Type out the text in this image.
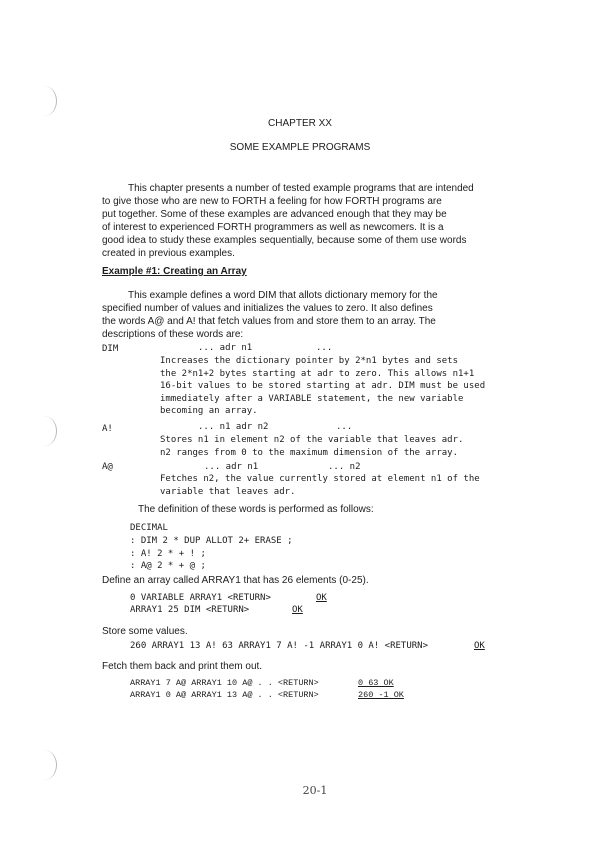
CHAPTER XX
SOME EXAMPLE PROGRAMS
This chapter presents a number of tested example programs that are intended
to give those who are new to FORTH a feeling for how FORTH programs are
put together. Some of these examples are advanced enough that they may be
of interest to experienced FORTH programmers as well as newcomers. It is a
good idea to study these examples sequentially, because some of them use words
created in previous examples.
Example #1: Creating an Array
This example defines a word DIM that allots dictionary memory for the
specified number of values and initializes the values to zero. It also defines
the words A@ and A! that fetch values from and store them to an array. The
descriptions of these words are:
DIM	... adr n1	...
Increases the dictionary pointer by 2*n1 bytes and sets
the 2*n1+2 bytes starting at adr to zero. This allows n1+1
16-bit values to be stored starting at adr. DIM must be used
immediately after a VARIABLE statement, the new variable
becoming an array.
A!	... n1 adr n2	...
Stores n1 in element n2 of the variable that leaves adr.
n2 ranges from 0 to the maximum dimension of the array.
A@	... adr n1	... n2
Fetches n2, the value currently stored at element n1 of the
variable that leaves adr.
The definition of these words is performed as follows:
DECIMAL
: DIM 2 * DUP ALLOT 2+ ERASE ;
: A! 2 * + ! ;
: A@ 2 * + @ ;
Define an array called ARRAY1 that has 26 elements (0-25).
0 VARIABLE ARRAY1 <RETURN>	OK
ARRAY1 25 DIM <RETURN>	OK
Store some values.
260 ARRAY1 13 A! 63 ARRAY1 7 A! -1 ARRAY1 0 A! <RETURN>	OK
Fetch them back and print them out.
ARRAY1 7 A@ ARRAY1 10 A@ . . <RETURN>	0 63 OK
ARRAY1 0 A@ ARRAY1 13 A@ . . <RETURN>	260 -1 OK
20-1
